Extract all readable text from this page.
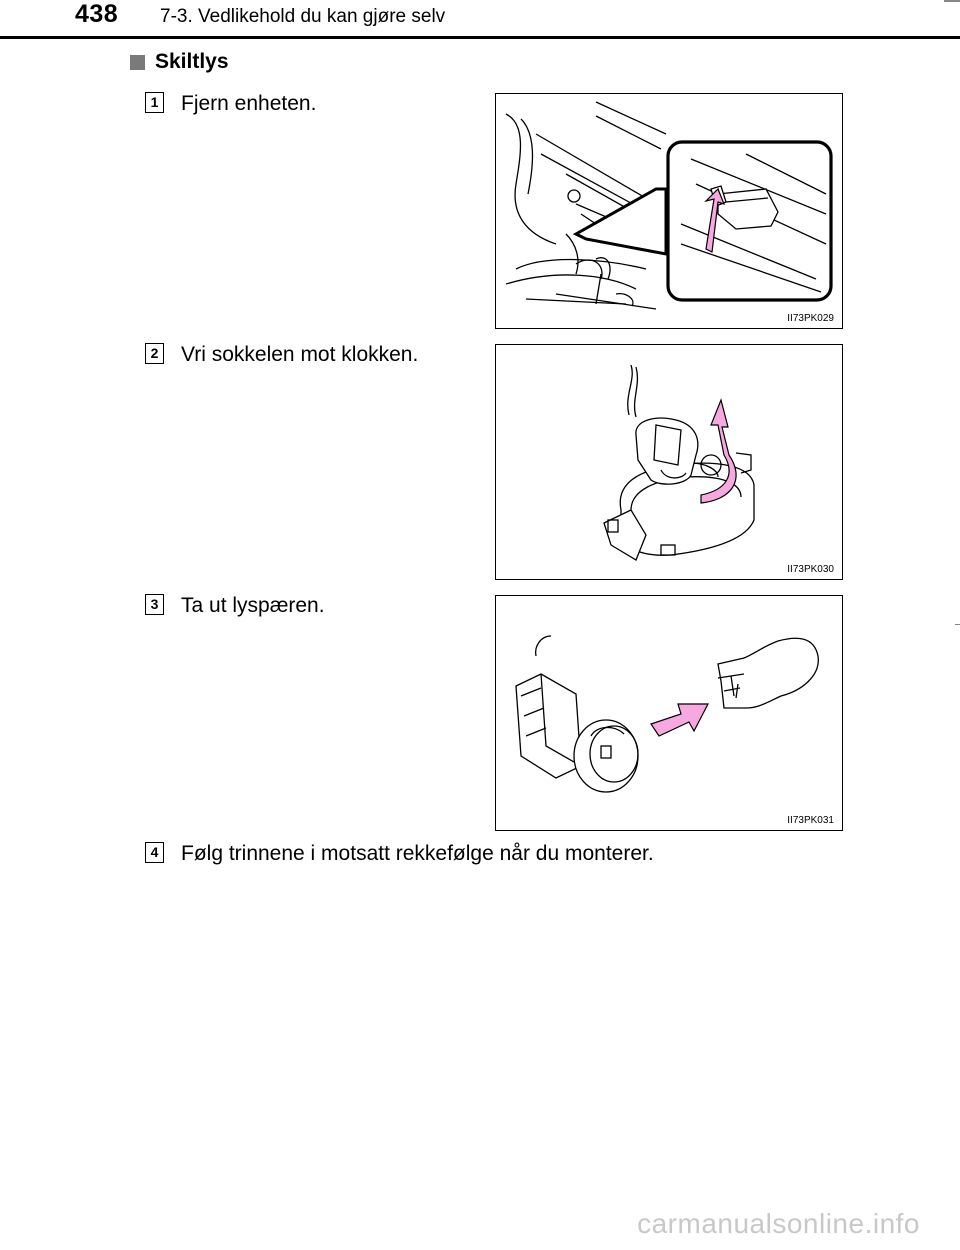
438 7-3. Vedlikehold du kan gjøre selv
Skiltlys
1 Fjern enheten.
II73PK029
2 Vri sokkelen mot klokken.
II73PK030
3 Ta ut lyspæren.
II73PK031
4 Følg trinnene i motsatt rekkefølge når du monterer.
carmanualsonline.info
